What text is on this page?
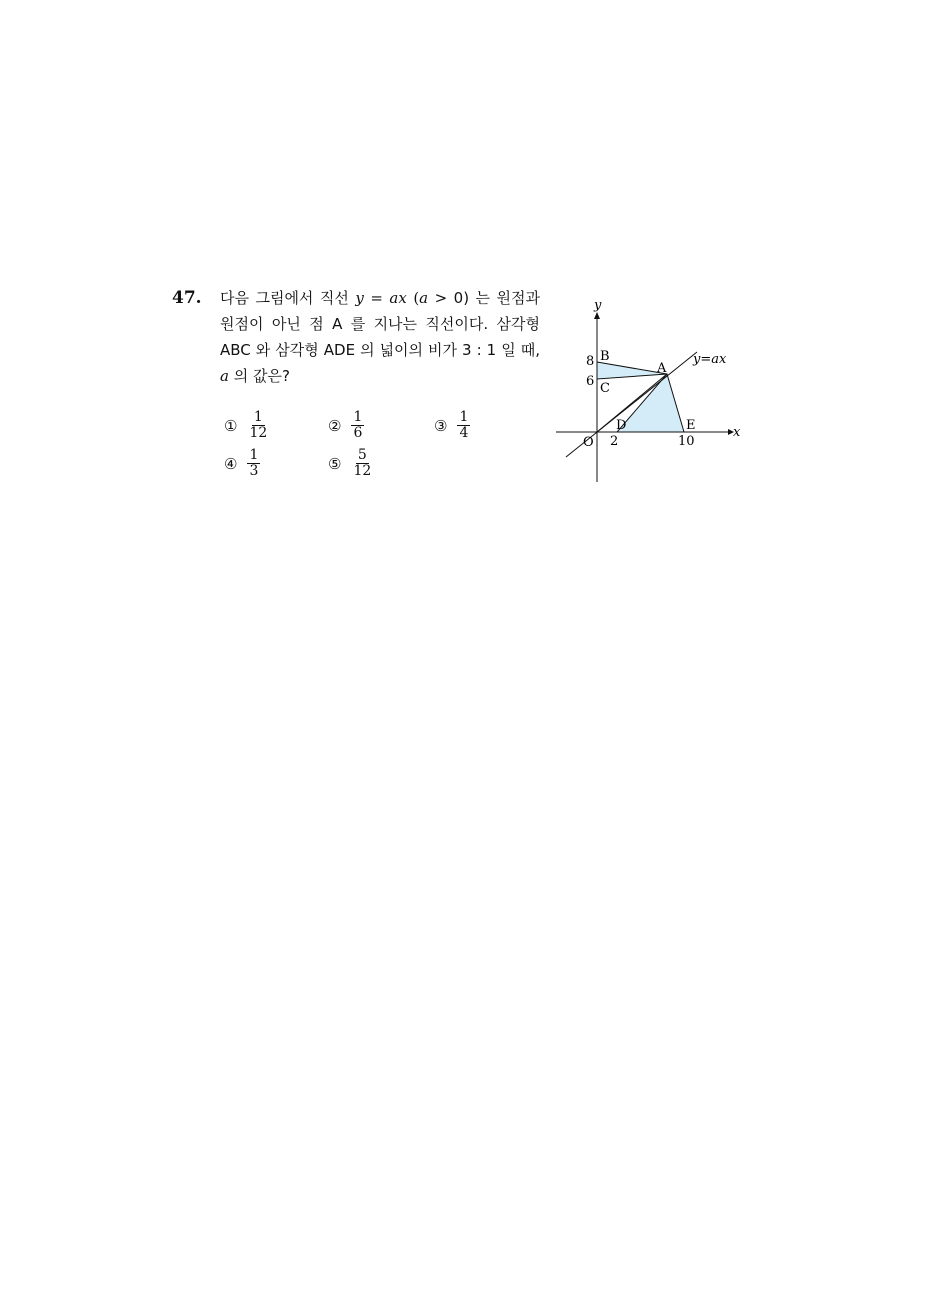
47. 다음 그림에서 직선 y = ax (a > 0) 는 원점과
원점이 아닌 점 A 를 지나는 직선이다. 삼각형
ABC 와 삼각형 ADE 의 넓이의 비가 3 : 1 일 때,
a 의 값은?
① $\frac{1}{12}$	② $\frac{1}{6}$	③ $\frac{1}{4}$
④ $\frac{1}{3}$	⑤ $\frac{5}{12}$
y
x
y=ax
8
6
2	10
B
C
A
D	E
O
